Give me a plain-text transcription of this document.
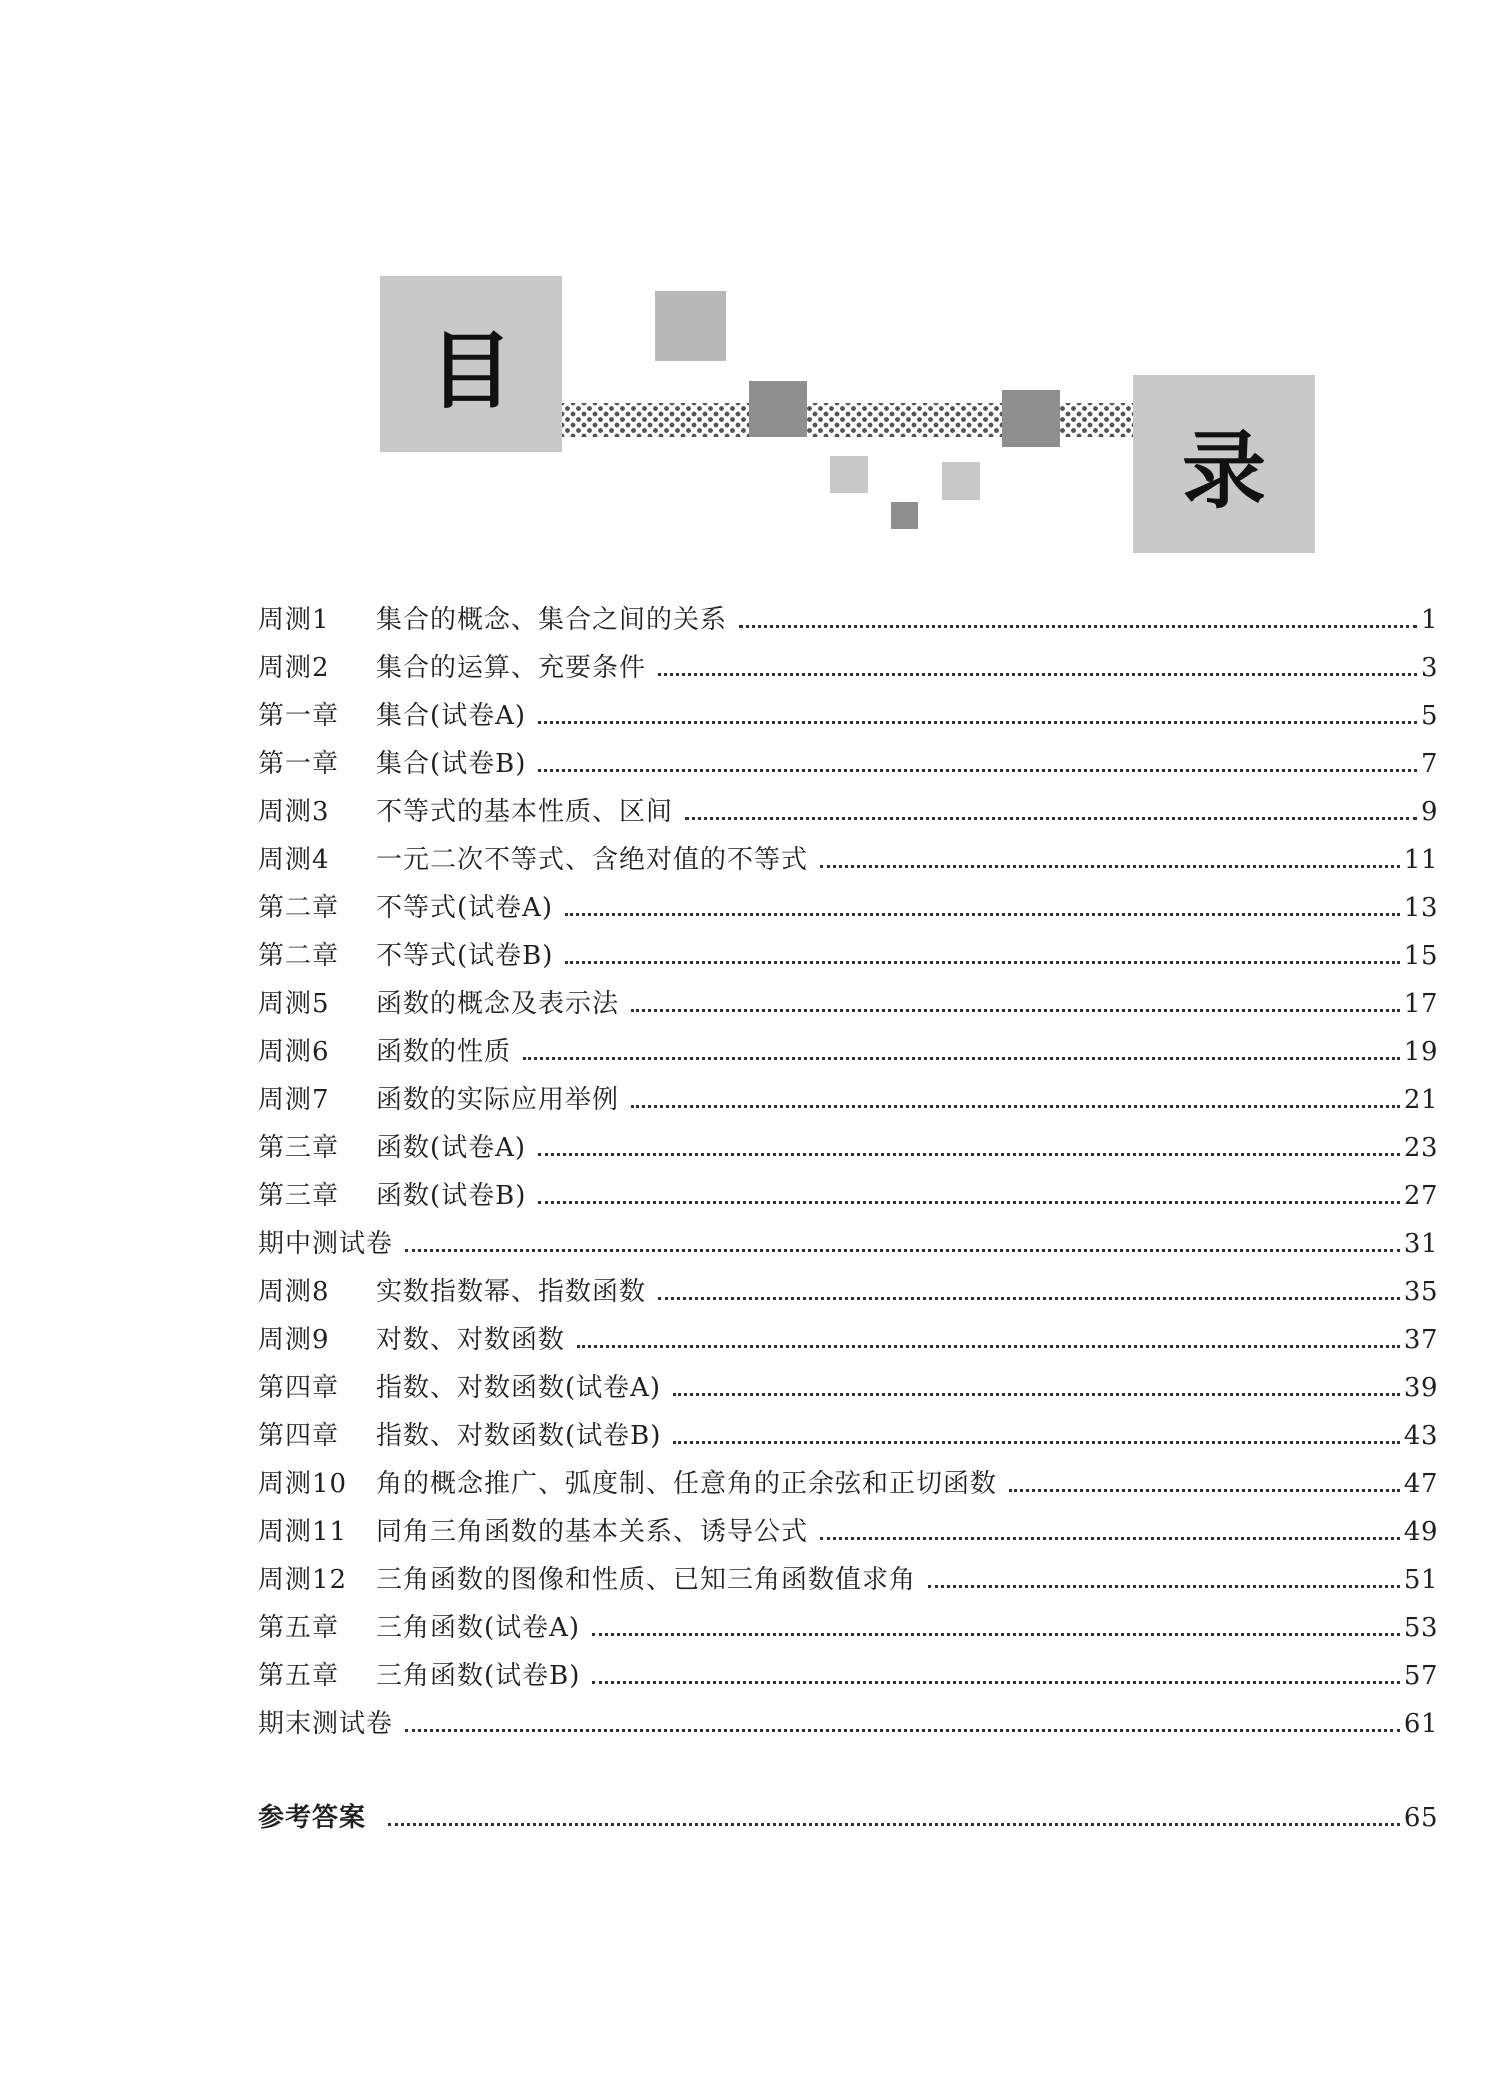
目
录
周测1	集合的概念、集合之间的关系	1
周测2	集合的运算、充要条件	3
第一章	集合(试卷A)	5
第一章	集合(试卷B)	7
周测3	不等式的基本性质、区间	9
周测4	一元二次不等式、含绝对值的不等式	11
第二章	不等式(试卷A)	13
第二章	不等式(试卷B)	15
周测5	函数的概念及表示法	17
周测6	函数的性质	19
周测7	函数的实际应用举例	21
第三章	函数(试卷A)	23
第三章	函数(试卷B)	27
期中测试卷	31
周测8	实数指数幂、指数函数	35
周测9	对数、对数函数	37
第四章	指数、对数函数(试卷A)	39
第四章	指数、对数函数(试卷B)	43
周测10	角的概念推广、弧度制、任意角的正余弦和正切函数	47
周测11	同角三角函数的基本关系、诱导公式	49
周测12	三角函数的图像和性质、已知三角函数值求角	51
第五章	三角函数(试卷A)	53
第五章	三角函数(试卷B)	57
期末测试卷	61
参考答案	65
